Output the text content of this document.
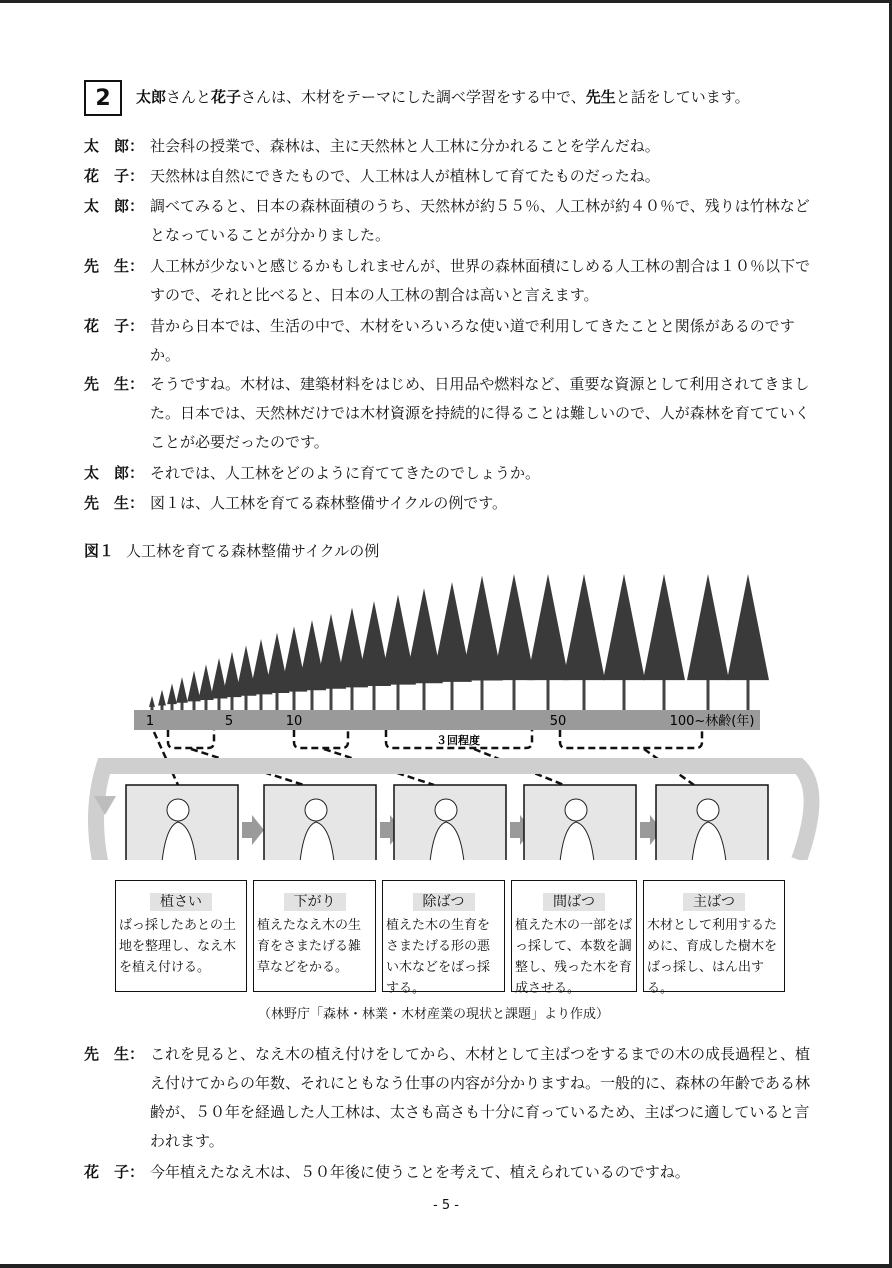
2	太郎さんと花子さんは、木材をテーマにした調べ学習をする中で、先生と話をしています。
太　郎： 社会科の授業で、森林は、主に天然林と人工林に分かれることを学んだね。
花　子： 天然林は自然にできたもので、人工林は人が植林して育てたものだったね。
太　郎： 調べてみると、日本の森林面積のうち、天然林が約５５％、人工林が約４０％で、残りは竹林などとなっていることが分かりました。
先　生： 人工林が少ないと感じるかもしれませんが、世界の森林面積にしめる人工林の割合は１０％以下ですので、それと比べると、日本の人工林の割合は高いと言えます。
花　子： 昔から日本では、生活の中で、木材をいろいろな使い道で利用してきたことと関係があるのですか。
先　生： そうですね。木材は、建築材料をはじめ、日用品や燃料など、重要な資源として利用されてきました。日本では、天然林だけでは木材資源を持続的に得ることは難しいので、人が森林を育てていくことが必要だったのです。
太　郎： それでは、人工林をどのように育ててきたのでしょうか。
先　生： 図１は、人工林を育てる森林整備サイクルの例です。
図１ 人工林を育てる森林整備サイクルの例
1	5	10	50	100~林齢(年)
３回程度
植さい
ばっ採したあとの土地を整理し、なえ木を植え付ける。
下がり
植えたなえ木の生育をさまたげる雑草などをかる。
除ばつ
植えた木の生育をさまたげる形の悪い木などをばっ採する。
間ばつ
植えた木の一部をばっ採して、本数を調整し、残った木を育成させる。
主ばつ
木材として利用するために、育成した樹木をばっ採し、はん出する。
（林野庁「森林・林業・木材産業の現状と課題」より作成）
先　生： これを見ると、なえ木の植え付けをしてから、木材として主ばつをするまでの木の成長過程と、植え付けてからの年数、それにともなう仕事の内容が分かりますね。一般的に、森林の年齢である林齢が、５０年を経過した人工林は、太さも高さも十分に育っているため、主ばつに適していると言われます。
花　子： 今年植えたなえ木は、５０年後に使うことを考えて、植えられているのですね。
- 5 -
